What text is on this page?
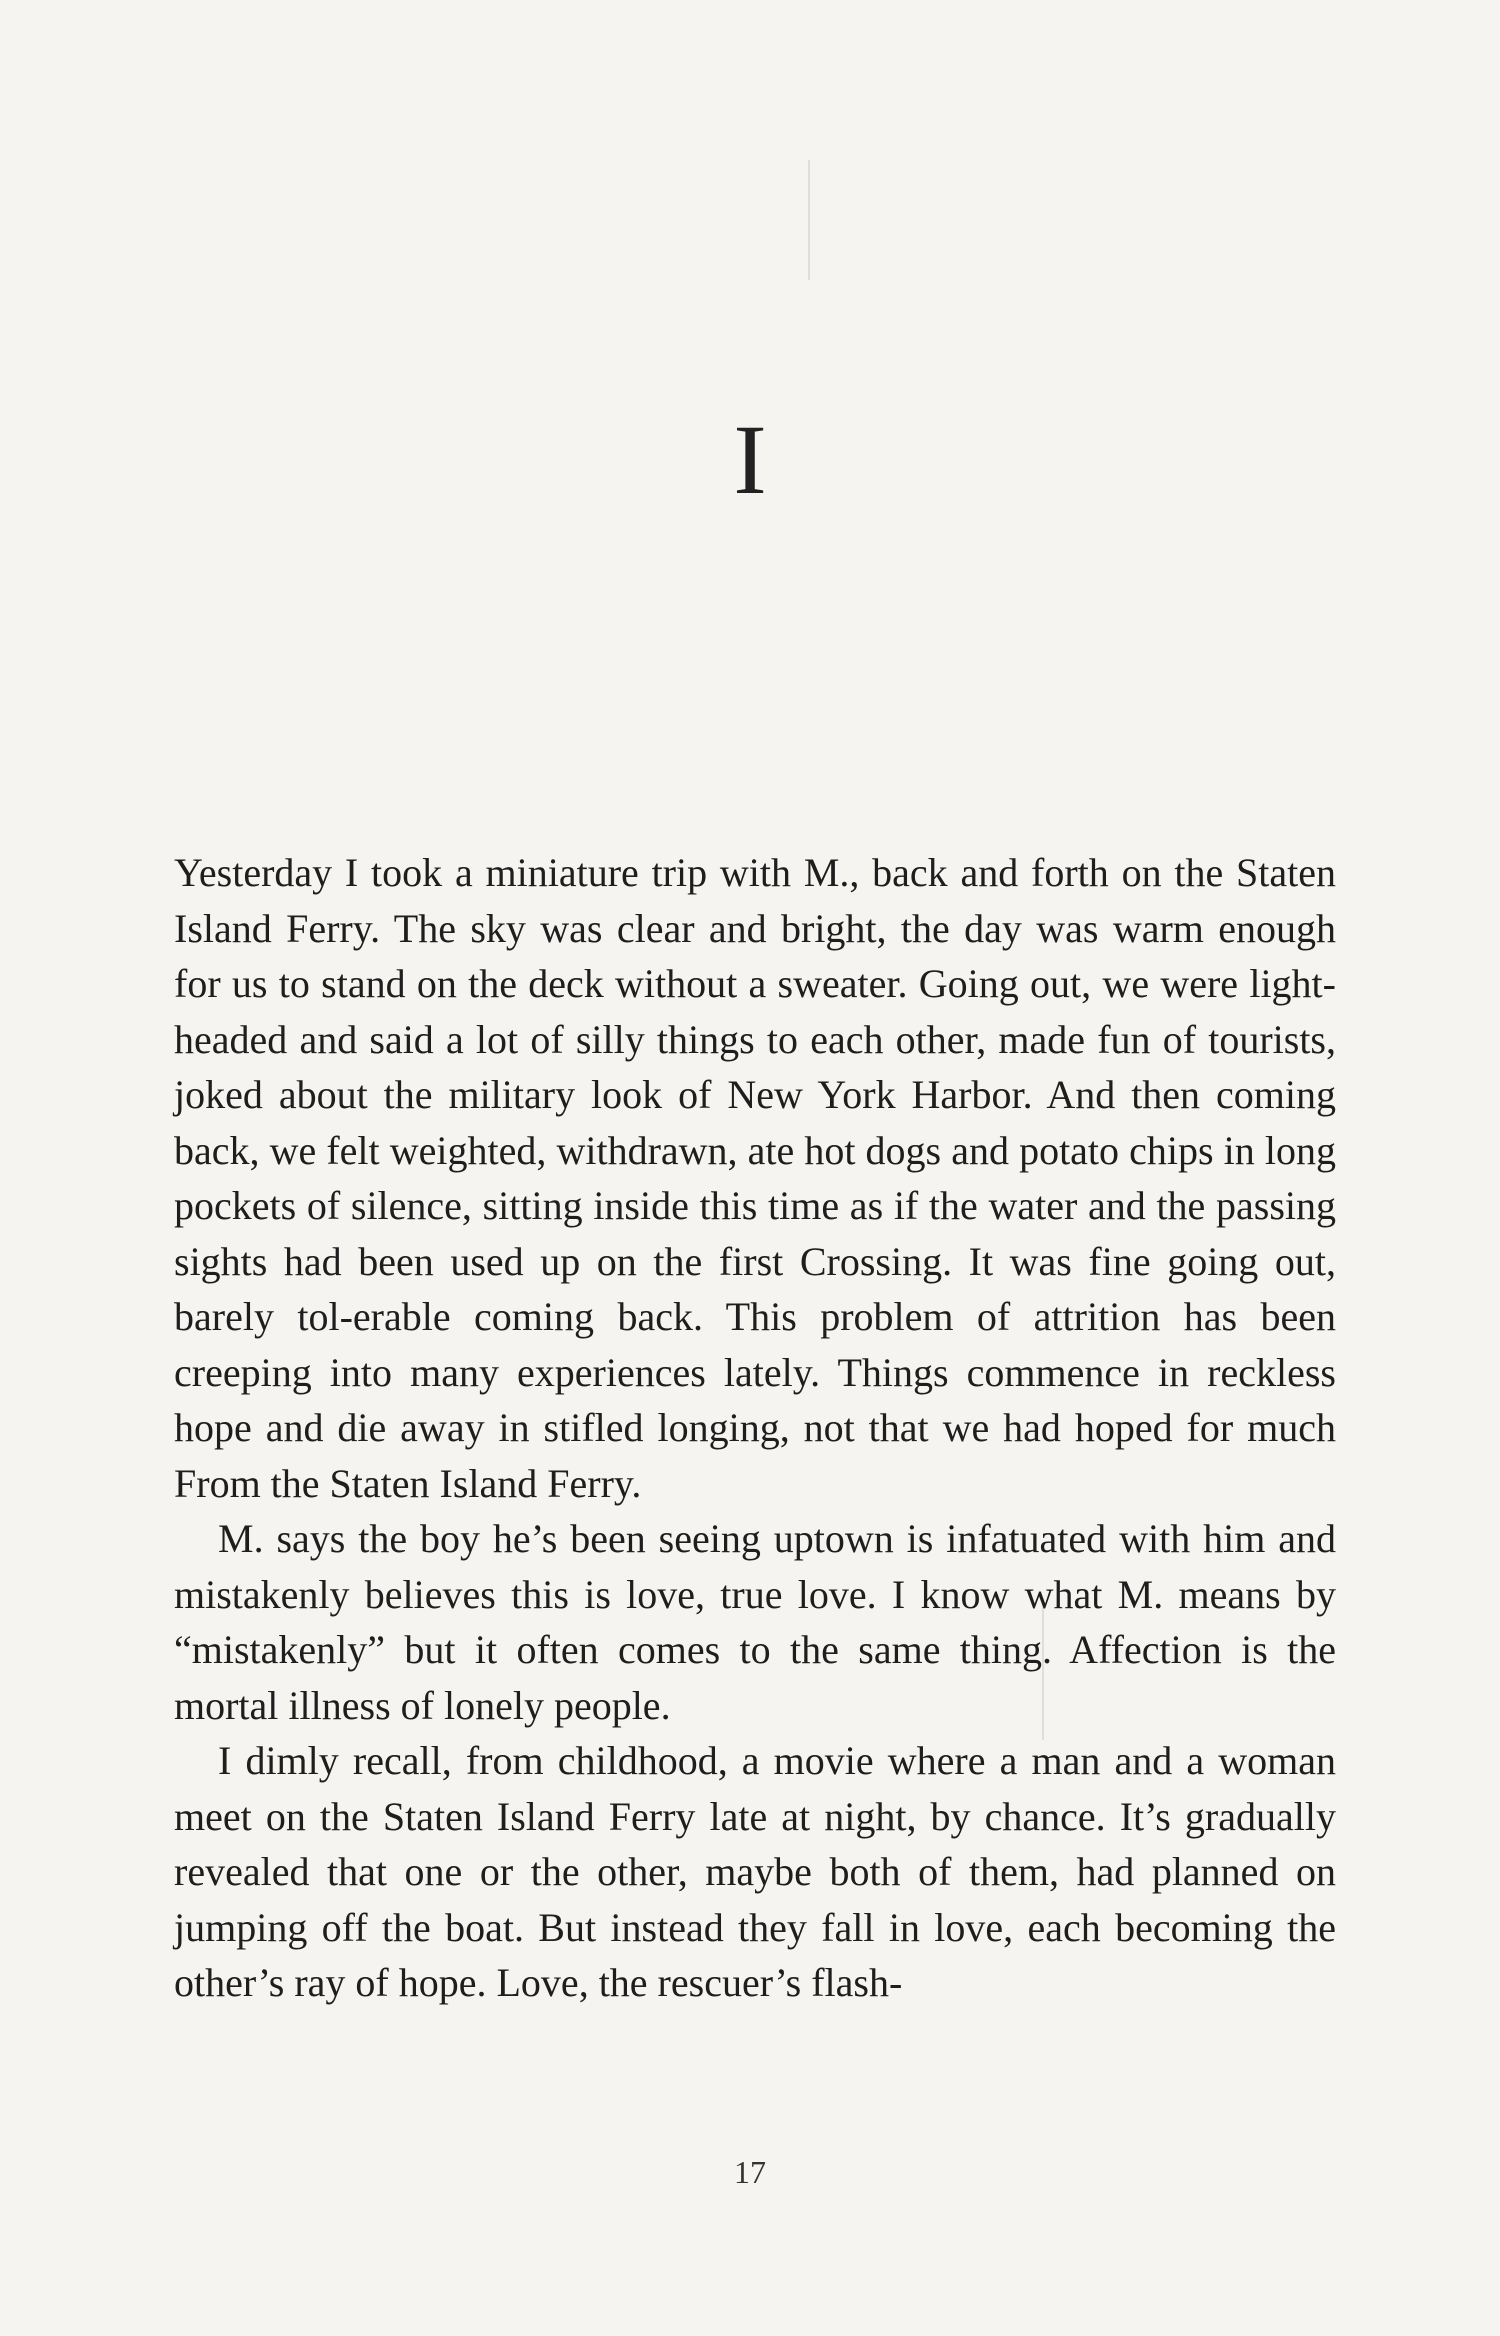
I

Yesterday I took a miniature trip with M., back and forth on the Staten Island Ferry. The sky was clear and bright, the day was warm enough for us to stand on the deck without a sweater. Going out, we were light-headed and said a lot of silly things to each other, made fun of tourists, joked about the military look of New York Harbor. And then coming back, we felt weighted, withdrawn, ate hot dogs and potato chips in long pockets of silence, sitting inside this time as if the water and the passing sights had been used up on the first Crossing. It was fine going out, barely tol-erable coming back. This problem of attrition has been creeping into many experiences lately. Things commence in reckless hope and die away in stifled longing, not that we had hoped for much From the Staten Island Ferry.

M. says the boy he’s been seeing uptown is infatuated with him and mistakenly believes this is love, true love. I know what M. means by “mistakenly” but it often comes to the same thing. Affection is the mortal illness of lonely people.

I dimly recall, from childhood, a movie where a man and a woman meet on the Staten Island Ferry late at night, by chance. It’s gradually revealed that one or the other, maybe both of them, had planned on jumping off the boat. But instead they fall in love, each becoming the other’s ray of hope. Love, the rescuer’s flash-

17
